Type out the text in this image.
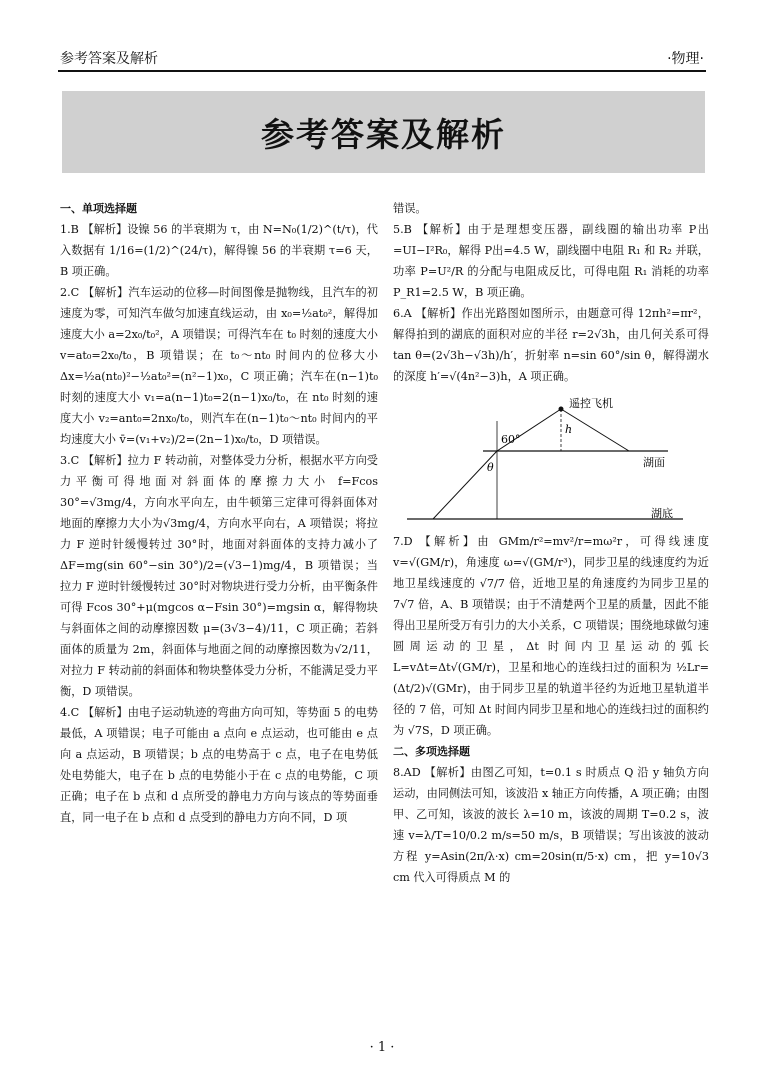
参考答案及解析	·物理·
参考答案及解析
一、单项选择题

1.B 【解析】设镍 56 的半衰期为 τ，由 N=N₀(1/2)^(t/τ)，代入数据有 1/16=(1/2)^(24/τ)，解得镍 56 的半衰期 τ=6 天，B 项正确。

2.C 【解析】汽车运动的位移—时间图像是抛物线，且汽车的初速度为零，可知汽车做匀加速直线运动，由 x₀=½at₀²，解得加速度大小 a=2x₀/t₀²，A 项错误；可得汽车在 t₀ 时刻的速度大小 v=at₀=2x₀/t₀，B 项错误；在 t₀～nt₀ 时间内的位移大小 Δx=½a(nt₀)²−½at₀²=(n²−1)x₀，C 项正确；汽车在(n−1)t₀ 时刻的速度大小 v₁=a(n−1)t₀=2(n−1)x₀/t₀，在 nt₀ 时刻的速度大小 v₂=ant₀=2nx₀/t₀，则汽车在(n−1)t₀～nt₀ 时间内的平均速度大小 v̄=(v₁+v₂)/2=(2n−1)x₀/t₀，D 项错误。

3.C 【解析】拉力 F 转动前，对整体受力分析，根据水平方向受力平衡可得地面对斜面体的摩擦力大小 f=Fcos 30°=√3mg/4，方向水平向左，由牛顿第三定律可得斜面体对地面的摩擦力大小为√3mg/4，方向水平向右，A 项错误；将拉力 F 逆时针缓慢转过 30°时，地面对斜面体的支持力减小了 ΔF=mg(sin 60°−sin 30°)/2=(√3−1)mg/4，B 项错误；当拉力 F 逆时针缓慢转过 30°时对物块进行受力分析，由平衡条件可得 Fcos 30°+μ(mgcos α−Fsin 30°)=mgsin α，解得物块与斜面体之间的动摩擦因数 μ=(3√3−4)/11，C 项正确；若斜面体的质量为 2m，斜面体与地面之间的动摩擦因数为√2/11，对拉力 F 转动前的斜面体和物块整体受力分析，不能满足受力平衡，D 项错误。

4.C 【解析】由电子运动轨迹的弯曲方向可知，等势面 5 的电势最低，A 项错误；电子可能由 a 点向 e 点运动，也可能由 e 点向 a 点运动，B 项错误；b 点的电势高于 c 点，电子在电势低处电势能大，电子在 b 点的电势能小于在 c 点的电势能，C 项正确；电子在 b 点和 d 点所受的静电力方向与该点的等势面垂直，同一电子在 b 点和 d 点受到的静电力方向不同，D 项

错误。

5.B 【解析】由于是理想变压器，副线圈的输出功率 P出=UI−I²R₀，解得 P出=4.5 W，副线圈中电阻 R₁ 和 R₂ 并联，功率 P=U²/R 的分配与电阻成反比，可得电阻 R₁ 消耗的功率 P_R1=2.5 W，B 项正确。

6.A 【解析】作出光路图如图所示，由题意可得 12πh²=πr²，解得拍到的湖底的面积对应的半径 r=2√3h，由几何关系可得 tan θ=(2√3h−√3h)/h′，折射率 n=sin 60°/sin θ，解得湖水的深度 h′=√(4n²−3)h，A 项正确。

遥控飞机
湖面
湖底
60°
θ
h

7.D 【解析】由 GMm/r²=mv²/r=mω²r，可得线速度 v=√(GM/r)，角速度 ω=√(GM/r³)，同步卫星的线速度约为近地卫星线速度的 √7/7 倍，近地卫星的角速度约为同步卫星的 7√7 倍，A、B 项错误；由于不清楚两个卫星的质量，因此不能得出卫星所受万有引力的大小关系，C 项错误；围绕地球做匀速圆周运动的卫星，Δt 时间内卫星运动的弧长 L=vΔt=Δt√(GM/r)，卫星和地心的连线扫过的面积为 ½Lr=(Δt/2)√(GMr)，由于同步卫星的轨道半径约为近地卫星轨道半径的 7 倍，可知 Δt 时间内同步卫星和地心的连线扫过的面积约为 √7S，D 项正确。

二、多项选择题

8.AD 【解析】由图乙可知，t=0.1 s 时质点 Q 沿 y 轴负方向运动，由同侧法可知，该波沿 x 轴正方向传播，A 项正确；由图甲、乙可知，该波的波长 λ=10 m，该波的周期 T=0.2 s，波速 v=λ/T=10/0.2 m/s=50 m/s，B 项错误；写出该波的波动方程 y=Asin(2π/λ·x) cm=20sin(π/5·x) cm，把 y=10√3 cm 代入可得质点 M 的

· 1 ·
